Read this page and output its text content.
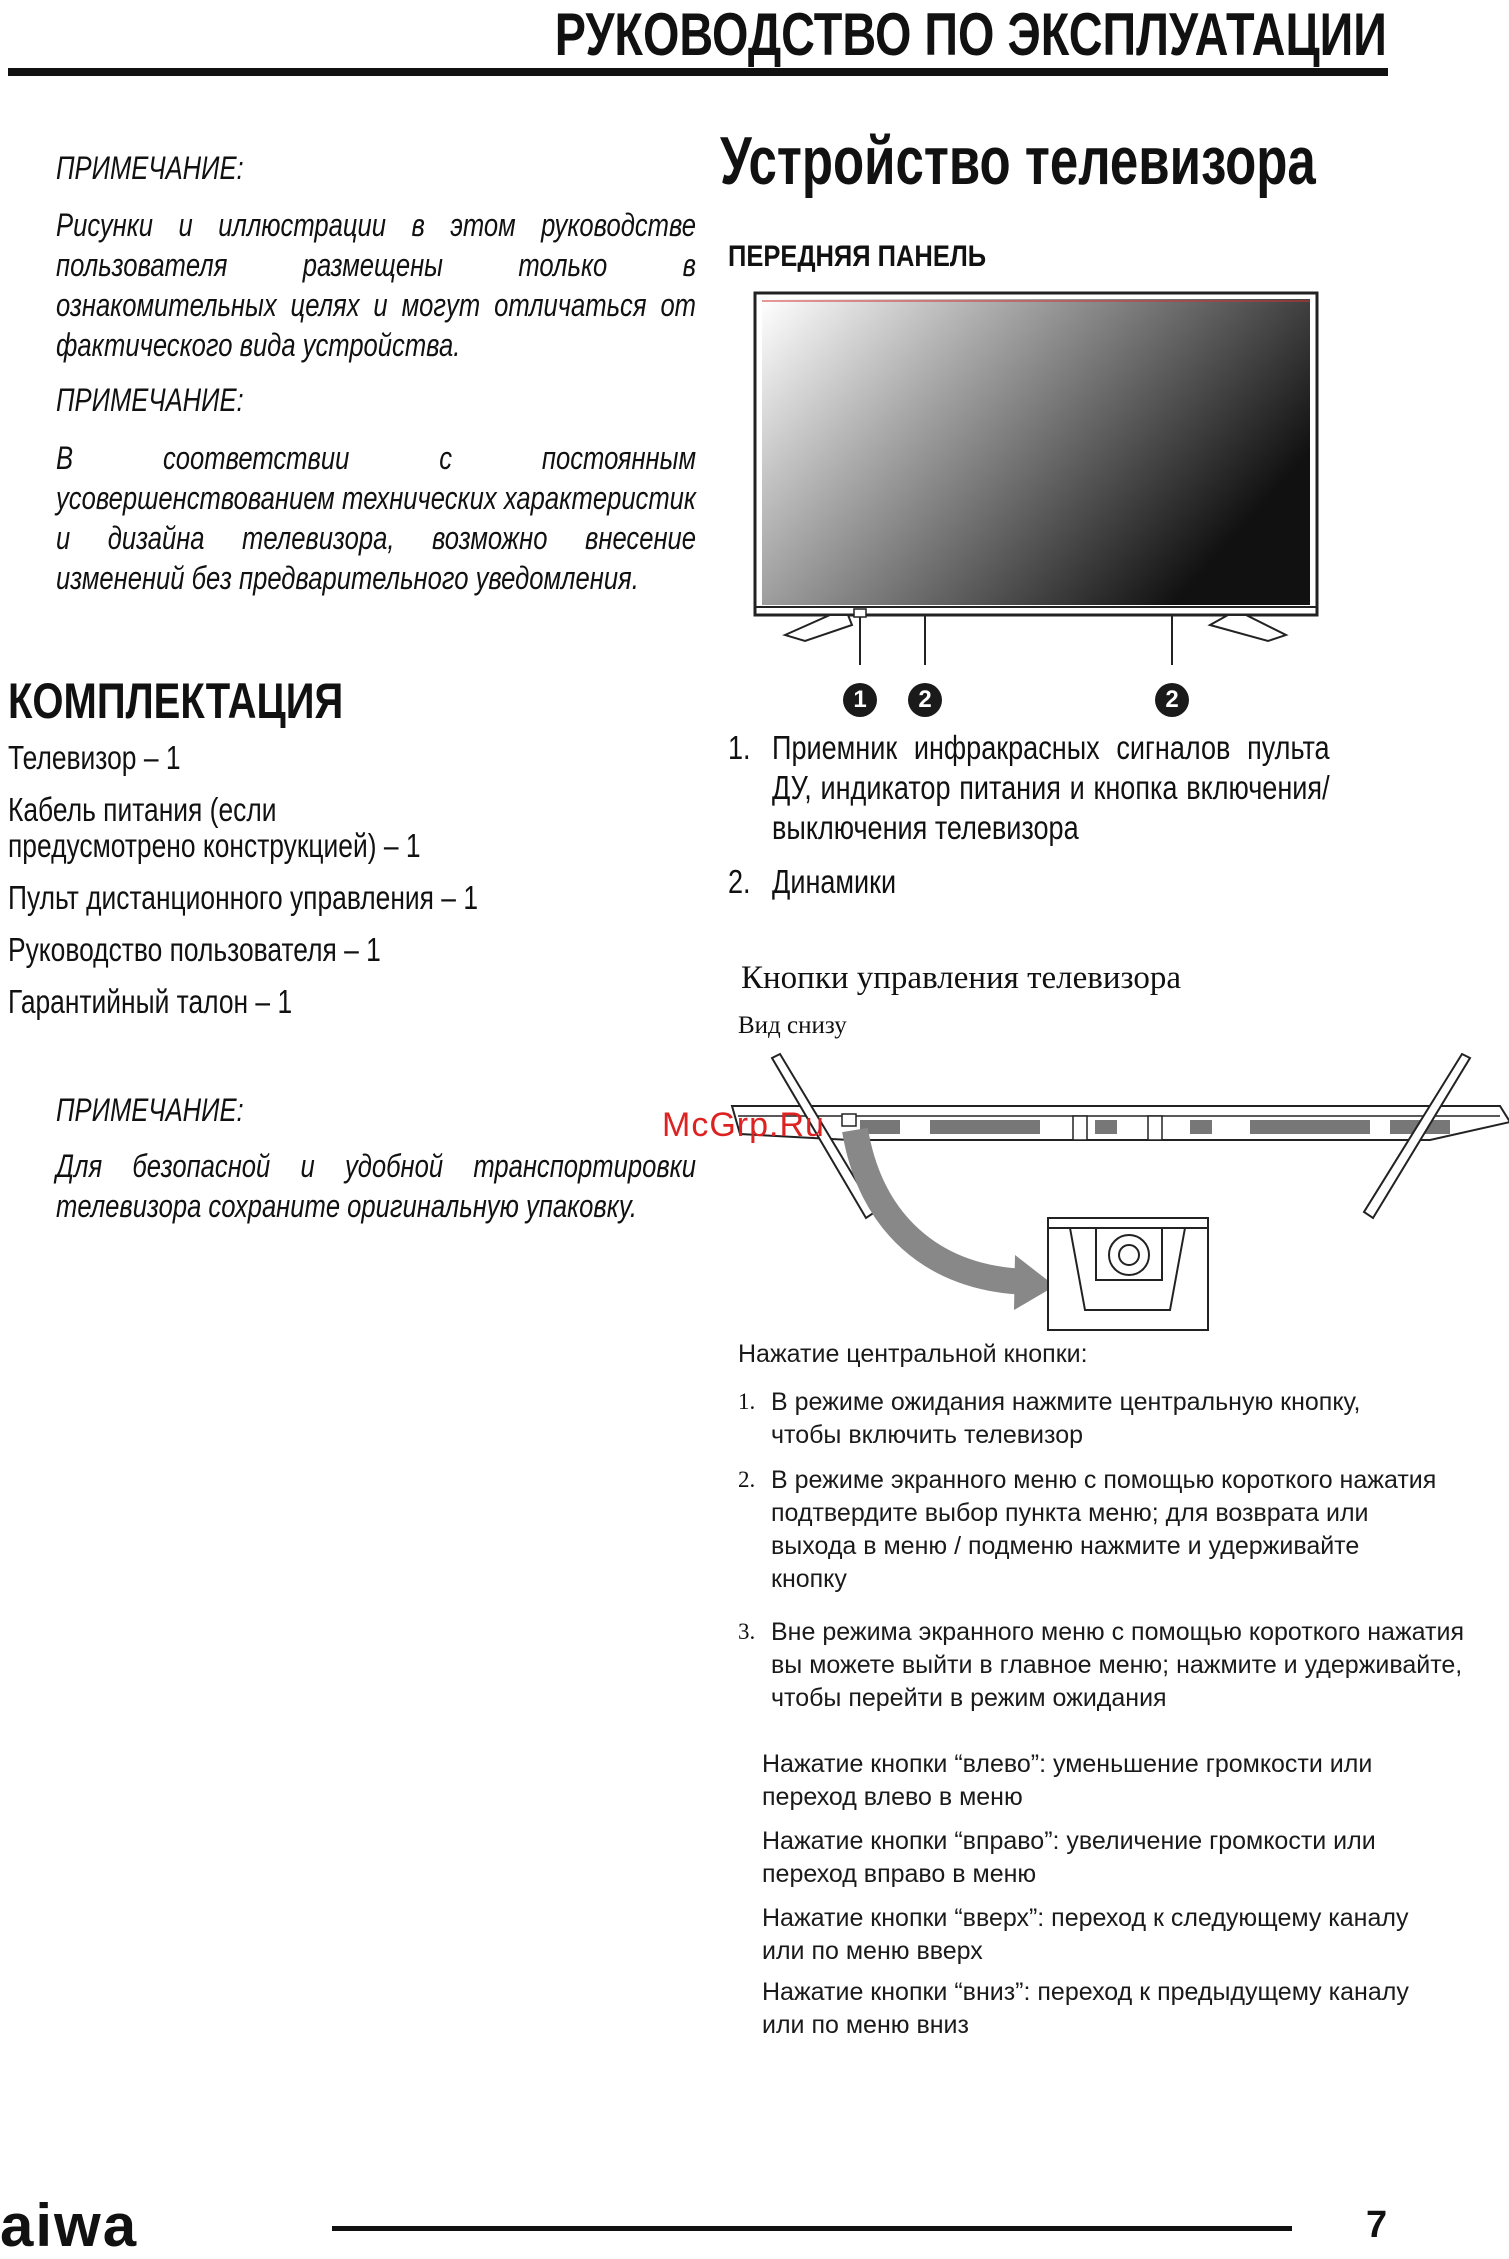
РУКОВОДСТВО ПО ЭКСПЛУАТАЦИИ
ПРИМЕЧАНИЕ:
Рисунки и иллюстрации в этом руководстве пользователя размещены только в ознакомительных целях и могут отличаться от фактического вида устройства.
ПРИМЕЧАНИЕ:
В соответствии с постоянным усовершенствованием технических характеристик и дизайна телевизора, возможно внесение изменений без предварительного уведомления.
КОМПЛЕКТАЦИЯ
Телевизор – 1
Кабель питания (если предусмотрено конструкцией) – 1
Пульт дистанционного управления – 1
Руководство пользователя – 1
Гарантийный талон – 1
ПРИМЕЧАНИЕ:
Для безопасной и удобной транспортировки телевизора сохраните оригинальную упаковку.
Устройство телевизора
ПЕРЕДНЯЯ ПАНЕЛЬ
1	2	2
1. Приемник инфракрасных сигналов пульта ДУ, индикатор питания и кнопка включения/выключения телевизора
2. Динамики
Кнопки управления телевизора
Вид снизу
McGrp.Ru
Нажатие центральной кнопки:
1. В режиме ожидания нажмите центральную кнопку, чтобы включить телевизор
2. В режиме экранного меню с помощью короткого нажатия подтвердите выбор пункта меню; для возврата или выхода в меню / подменю нажмите и удерживайте кнопку
3. Вне режима экранного меню с помощью короткого нажатия вы можете выйти в главное меню; нажмите и удерживайте, чтобы перейти в режим ожидания
Нажатие кнопки “влево”: уменьшение громкости или переход влево в меню
Нажатие кнопки “вправо”: увеличение громкости или переход вправо в меню
Нажатие кнопки “вверх”: переход к следующему каналу или по меню вверх
Нажатие кнопки “вниз”: переход к предыдущему каналу или по меню вниз
aiwa	7
